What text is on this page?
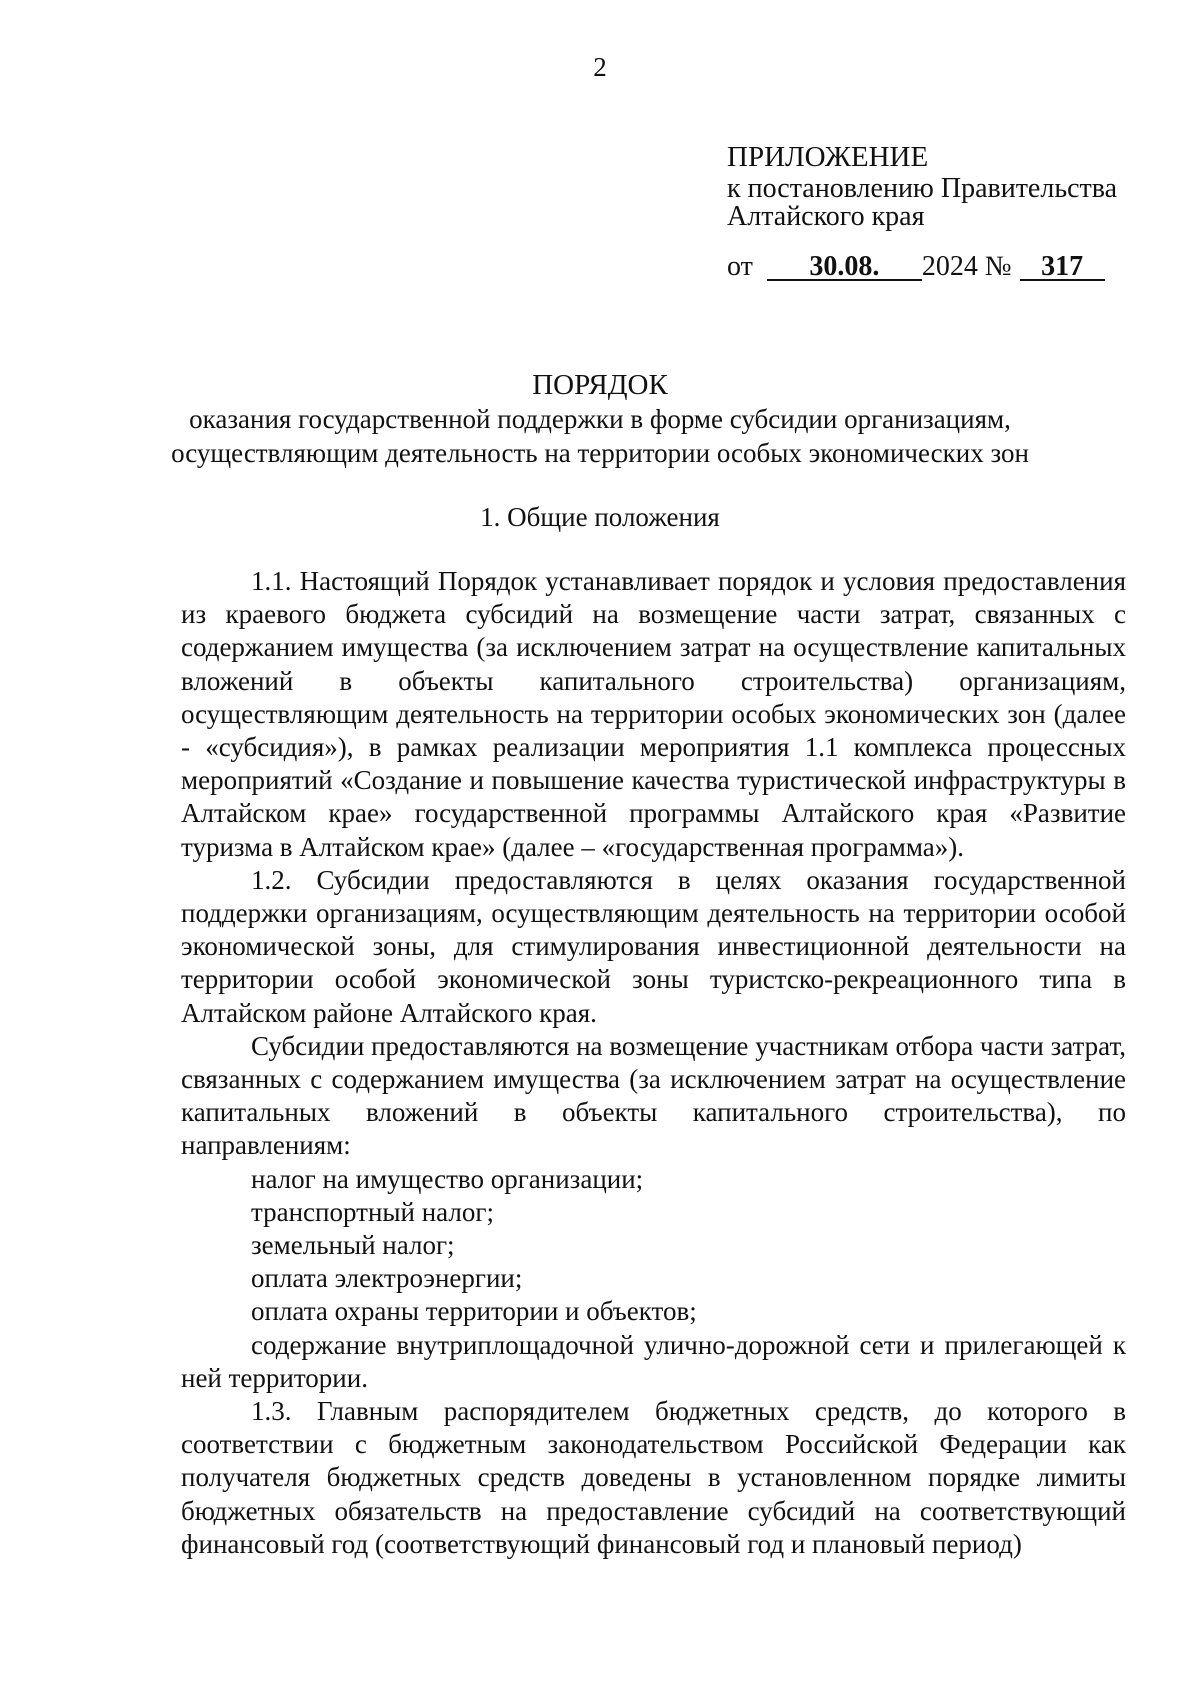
2
ПРИЛОЖЕНИЕ
к постановлению Правительства
Алтайского края
от 30.08. 2024 № 317
ПОРЯДОК
оказания государственной поддержки в форме субсидии организациям,
осуществляющим деятельность на территории особых экономических зон
1. Общие положения

1.1. Настоящий Порядок устанавливает порядок и условия предоставления из краевого бюджета субсидий на возмещение части затрат, связанных с содержанием имущества (за исключением затрат на осуществление капитальных вложений в объекты капитального строительства) организациям, осуществляющим деятельность на территории особых экономических зон (далее - «субсидия»), в рамках реализации мероприятия 1.1 комплекса процессных мероприятий «Создание и повышение качества туристической инфраструктуры в Алтайском крае» государственной программы Алтайского края «Развитие туризма в Алтайском крае» (далее – «государственная программа»).

1.2. Субсидии предоставляются в целях оказания государственной поддержки организациям, осуществляющим деятельность на территории особой экономической зоны, для стимулирования инвестиционной деятельности на территории особой экономической зоны туристско-рекреационного типа в Алтайском районе Алтайского края.

Субсидии предоставляются на возмещение участникам отбора части затрат, связанных с содержанием имущества (за исключением затрат на осуществление капитальных вложений в объекты капитального строительства), по направлениям:

налог на имущество организации;

транспортный налог;

земельный налог;

оплата электроэнергии;

оплата охраны территории и объектов;

содержание внутриплощадочной улично-дорожной сети и прилегающей к ней территории.

1.3. Главным распорядителем бюджетных средств, до которого в соответствии с бюджетным законодательством Российской Федерации как получателя бюджетных средств доведены в установленном порядке лимиты бюджетных обязательств на предоставление субсидий на соответствующий финансовый год (соответствующий финансовый год и плановый период)
